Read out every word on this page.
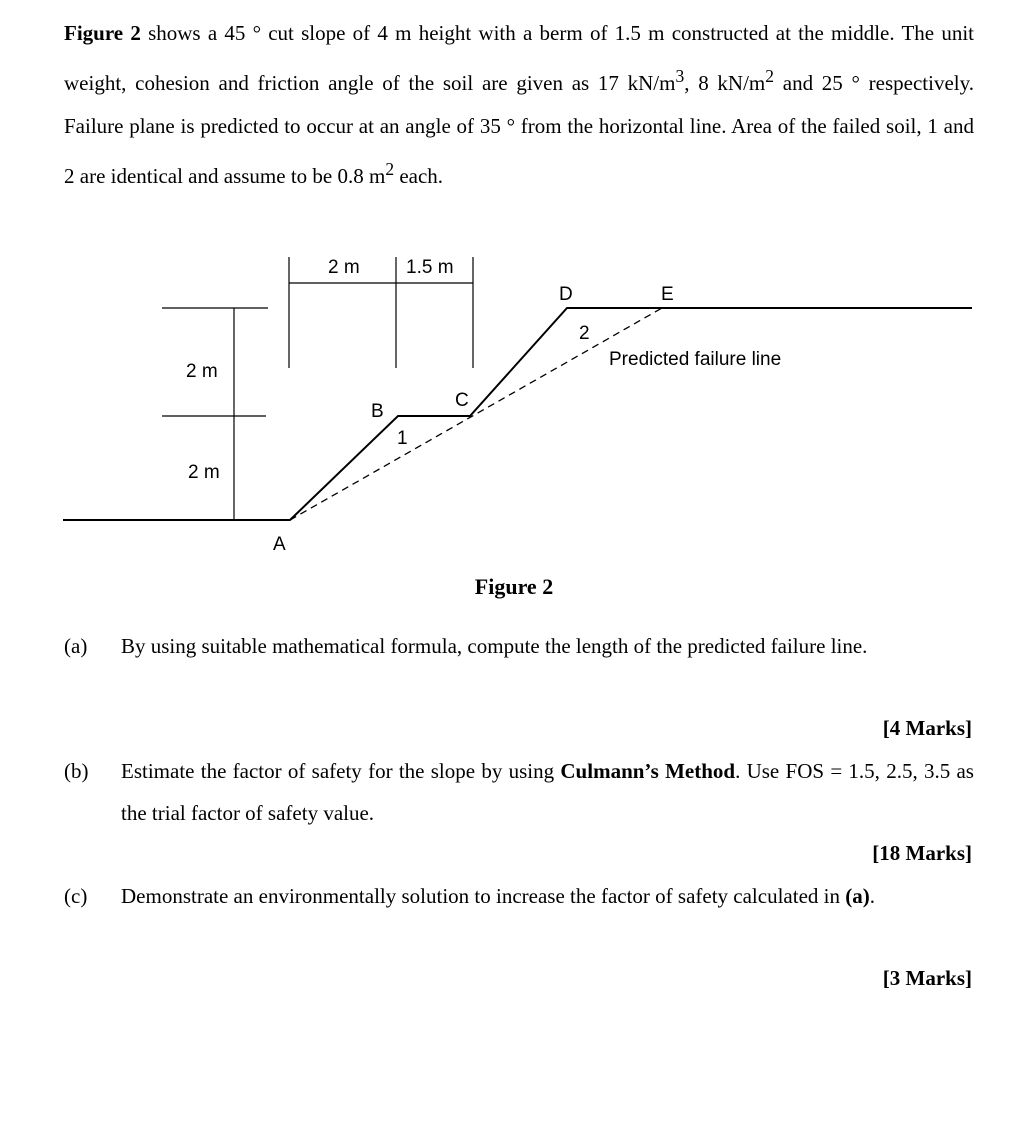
Figure 2 shows a 45 ° cut slope of 4 m height with a berm of 1.5 m constructed at the middle. The unit weight, cohesion and friction angle of the soil are given as 17 $kN/m^3$, 8 $kN/m^2$ and 25 ° respectively. Failure plane is predicted to occur at an angle of 35 ° from the horizontal line. Area of the failed soil, 1 and 2 are identical and assume to be 0.8 $m^2$ each.

2 m 1.5 m
2 m
2 m
A
B
C
D	E
1
2
Predicted failure line
Figure 2
(a) By using suitable mathematical formula, compute the length of the predicted failure line.
[4 Marks]
(b) Estimate the factor of safety for the slope by using Culmann’s Method. Use FOS = 1.5, 2.5, 3.5 as the trial factor of safety value.
[18 Marks]
(c) Demonstrate an environmentally solution to increase the factor of safety calculated in (a).
[3 Marks]
